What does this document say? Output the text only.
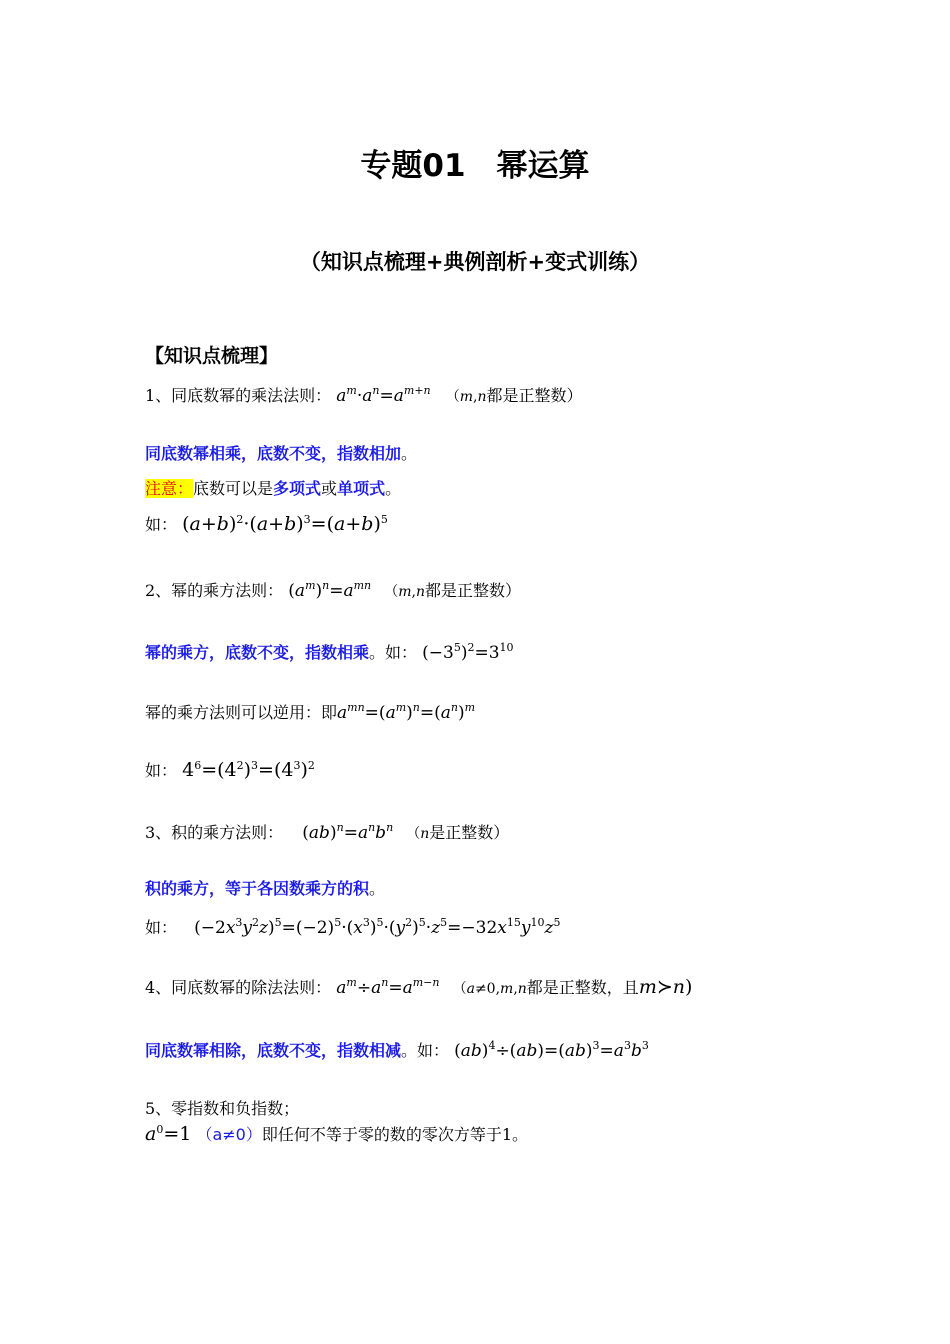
专题01　幂运算
（知识点梳理+典例剖析+变式训练）
【知识点梳理】
1、同底数幂的乘法法则： $a^m\cdot a^n=a^{m+n}$ （m,n都是正整数）
同底数幂相乘，底数不变，指数相加。
注意：底数可以是多项式或单项式。
如： $(a+b)^2\cdot(a+b)^3=(a+b)^5$
2、幂的乘方法则： $(a^m)^n=a^{mn}$ （m,n都是正整数）
幂的乘方，底数不变，指数相乘。如： $(-3^5)^2=3^{10}$
幂的乘方法则可以逆用：即$a^{mn}=(a^m)^n=(a^n)^m$
如： $4^6=(4^2)^3=(4^3)^2$
3、积的乘方法则： $(ab)^n=a^nb^n$ （n是正整数）
积的乘方，等于各因数乘方的积。
如： $(-2x^3y^2z)^5=(-2)^5\cdot(x^3)^5\cdot(y^2)^5\cdot z^5=-32x^{15}y^{10}z^5$
4、同底数幂的除法法则： $a^m\div a^n=a^{m-n}$ （a≠0,m,n都是正整数，且m≻n)
同底数幂相除，底数不变，指数相减。如： $(ab)^4\div(ab)=(ab)^3=a^3b^3$
5、零指数和负指数；
$a^0=1$ （a≠0）即任何不等于零的数的零次方等于1。
